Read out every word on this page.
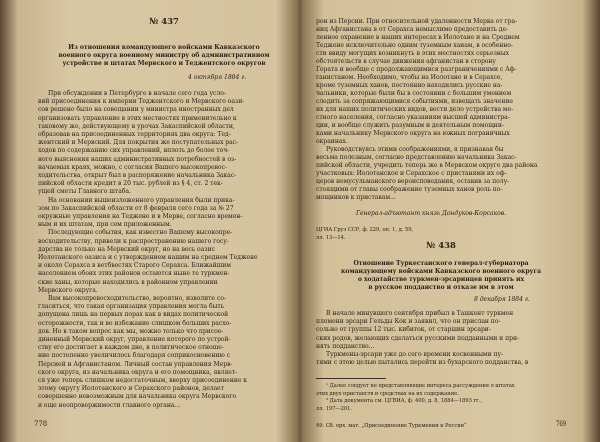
№ 437
Из отношения командующего войсками Кавказского
военного округа военному министру об административном
устройстве и штатах Мервского и Теджентского округов
4 октября 1884 г.
При обсуждении в Петербурге в начале сего года усло-
вий присоединения к империи Теджентского и Мервского оази-
сов решено было на совещании у министра иностранных дел
организовать управление в этих местностях применительно к
таковому же, действующему в урочах Закаспийской области,
образовав на присоединенных территориях два округа: Тед-
жентский и Мервский. Для покрытия же поступательных рас-
ходов по содержанию сих управлений, вплоть до более точ-
ного выяснения наших административных потребностей в оз-
начаемых краях, можно, с согласия Вашего высокопревос-
ходительства, открыт был в распоряжение начальника Закас-
пийской области кредит в 20 тыс. рублей из § 4, ст. 2 тек-
ущей сметы Главного штаба.
На основании вышеизложенного управления были прика-
зом по Закаспийской области от 8 февраля сего года за № 27
окружные управления на Теджене и в Мерве, согласно времен-
ным и их штатам, при сем приложенным.
Последующие события, как известно Вашему высокопре-
восходительству, привели к распространению нашего госу-
дарства не только на Мервский округ, но на весь оазис
Иолотанского оазиса и с утверждением нашим на среднем Теджене
и около Серахса в ветбвестях Старого Серахса. Ближайшим
населением обоих этих районов остаются ныне те туркмен-
ские ханы, которые находились в районном управлении
Мервского округа.
Вам высокопревосходительство, вероятно, изволите со-
гласиться, что такая организация управления могла быть
допущена лишь на первых порах как в видах политической
осторожности, так и во избежание слишком больших расхо-
дов. Но в таком вопрос как мы, можно только что присое-
диненный Мервский округ, управление которого по устрой-
ству его достигает в каждом дне, в политическое отноше-
ние постепенно увеличилось благодаря соприкосновению с
Персией и Афганистаном. Личный состав управления Мерв-
ского округа, из начальника округа и его помощника, являет-
ся уже теперь слишком недостаточным, вверху присоединение к
этому округу Иолотанского и Серахского районов, делает
совершенно невозможным для начальника округа Мервского
и еще неопровержимости главного органа...
778
рон из Персии. При относительной удаленности Мерва от гра-
ниц Афганистана в от Серахса немыслимо предоставить де-
ленное охранение в наших интересах в Иолотане и на Среднем
Теджене исключительно одним туземным ханам, в особенно-
сти ввиду могущих возникнуть в этих местностях серьезных
обстоятельств в случае движения афганистан в сторону
Герата и вообще с продолжающимися разграничениями с Аф-
ганистаном. Необходимо, чтобы на Иолотане и в Серахсе,
кроме туземных ханов, постоянно находились русские на-
чальники, которые были бы в состоянии с большим умением
следить за сопряжающимися событиями, извещать значение
их для наших политических видов, вести дело устройства ме-
стного населения, согласно указаниям высшей администра-
ции, и вообще служить разумным и деятельным помощни-
ками начальнику Мервского округа на южных пограничных
окраинах.
Руководствуясь этими соображениями, я признавая бы
весьма полезным, согласно представлению начальника Закас-
пийской области, учредить теперь же в Мервском округе два района
участковых: Иолотанское и Серахское с пристанями их оф-
церов немусульманского вероисповедания, оставив за полу-
стоящими от главы соображение туземных ханов роль по-
мощников к приставам...
Генерал-адъютант князь Дондуков-Корсаков.
ЦГИА Груз ССР, ф. 229, оп. 1, д. 59,
лл. 13—14.
№ 438
Отношение Туркестанского генерал-губернатора
командующему войсками Кавказского военного округа
о ходатайстве туркмен-эрсаринцев принять их
в русское подданство и отказе им в этом
8 декабря 1884 г.
В начале минувшего сентября прибыл в Ташкент туркмен
племени эрсари Гельды Кок и заявил, что он прислан по-
сольно от группы 12 тыс. кибиток, от старшин эрсари-
ских родов, желающих сделаться русскими подданными и при-
нять подданство...
Туркмены-эрсари уже до сего времени косвенными пу-
тями с этою целью пытались перейти из бухарского подданства, в
¹ Далее следует не представляющие интереса рассуждения о штатах
этих двух приставств и средствах на их содержание.
² Дата документа см. ЦГВИА, ф. 400, д. 8, 1884—1893 гг.,
лл. 197—201.
49. Сб. орх. мат. „Присоединение Туркмении к России“	769
